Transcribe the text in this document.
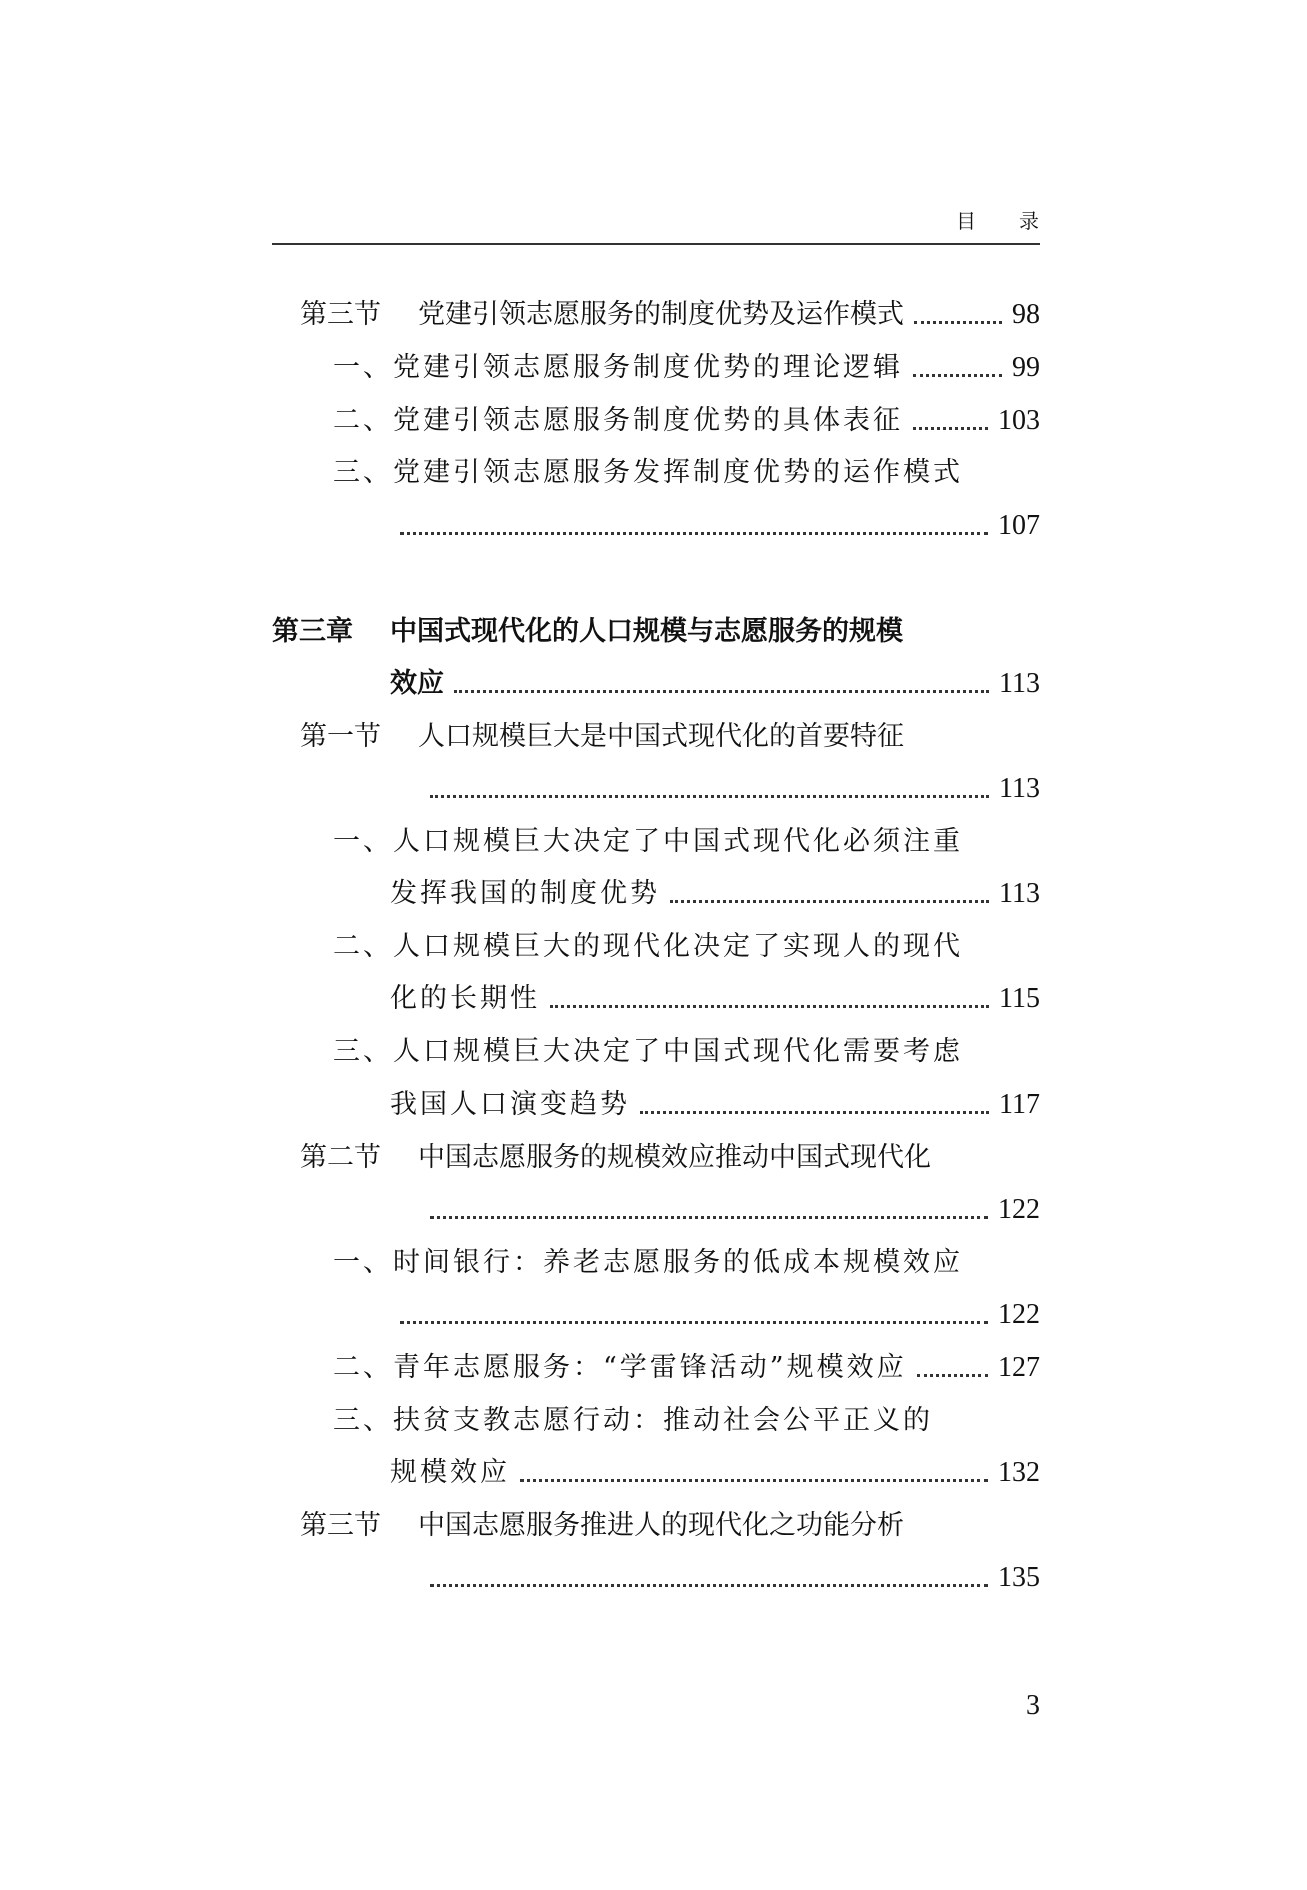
目 录
第三节 党建引领志愿服务的制度优势及运作模式	98
一、党建引领志愿服务制度优势的理论逻辑	99
二、党建引领志愿服务制度优势的具体表征	103
三、党建引领志愿服务发挥制度优势的运作模式
107
第三章 中国式现代化的人口规模与志愿服务的规模
效应	113
第一节 人口规模巨大是中国式现代化的首要特征
113
一、人口规模巨大决定了中国式现代化必须注重
发挥我国的制度优势	113
二、人口规模巨大的现代化决定了实现人的现代
化的长期性	115
三、人口规模巨大决定了中国式现代化需要考虑
我国人口演变趋势	117
第二节 中国志愿服务的规模效应推动中国式现代化
122
一、时间银行：养老志愿服务的低成本规模效应
122
二、青年志愿服务：“学雷锋活动”规模效应	127
三、扶贫支教志愿行动：推动社会公平正义的
规模效应	132
第三节 中国志愿服务推进人的现代化之功能分析
135
3
